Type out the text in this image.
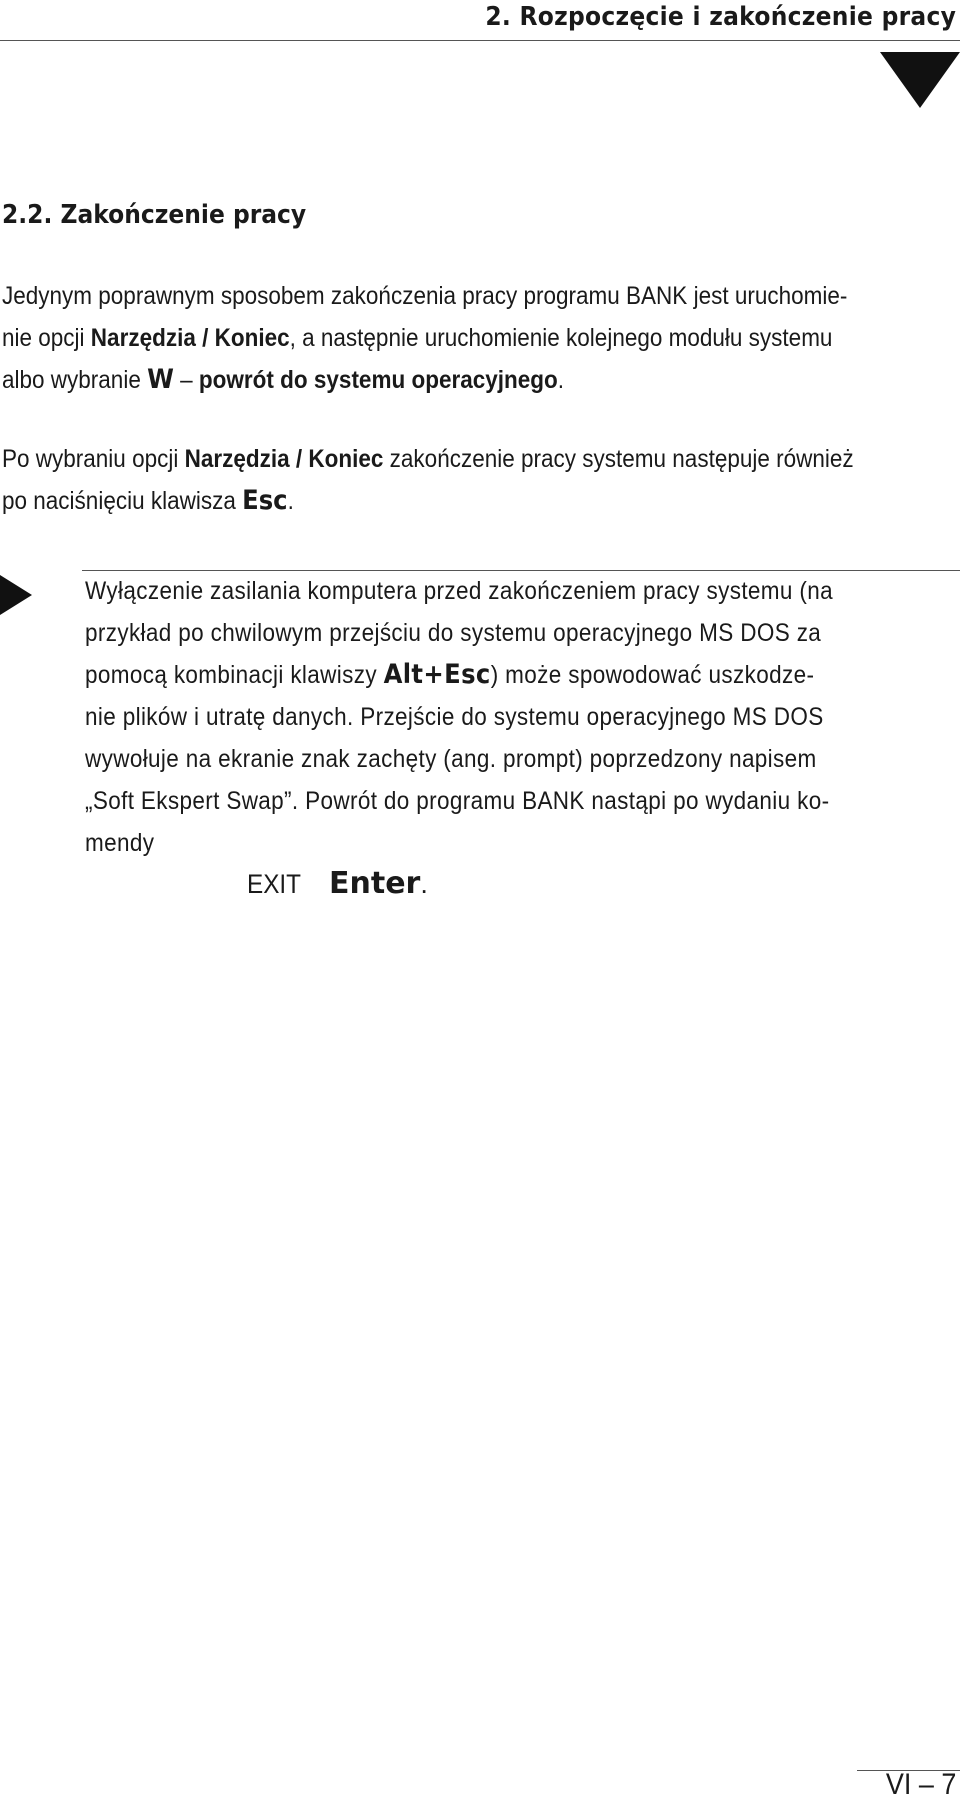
2. Rozpoczęcie i zakończenie pracy
2.2. Zakończenie pracy
Jedynym poprawnym sposobem zakończenia pracy programu BANK jest uruchomie-
nie opcji Narzędzia / Koniec, a następnie uruchomienie kolejnego modułu systemu
albo wybranie W – powrót do systemu operacyjnego.
Po wybraniu opcji Narzędzia / Koniec zakończenie pracy systemu następuje również
po naciśnięciu klawisza Esc.
Wyłączenie zasilania komputera przed zakończeniem pracy systemu (na
przykład po chwilowym przejściu do systemu operacyjnego MS DOS za
pomocą kombinacji klawiszy Alt+Esc) może spowodować uszkodze-
nie plików i utratę danych. Przejście do systemu operacyjnego MS DOS
wywołuje na ekranie znak zachęty (ang. prompt) poprzedzony napisem
„Soft Ekspert Swap”. Powrót do programu BANK nastąpi po wydaniu ko-
mendy
EXIT Enter.
VI – 7
